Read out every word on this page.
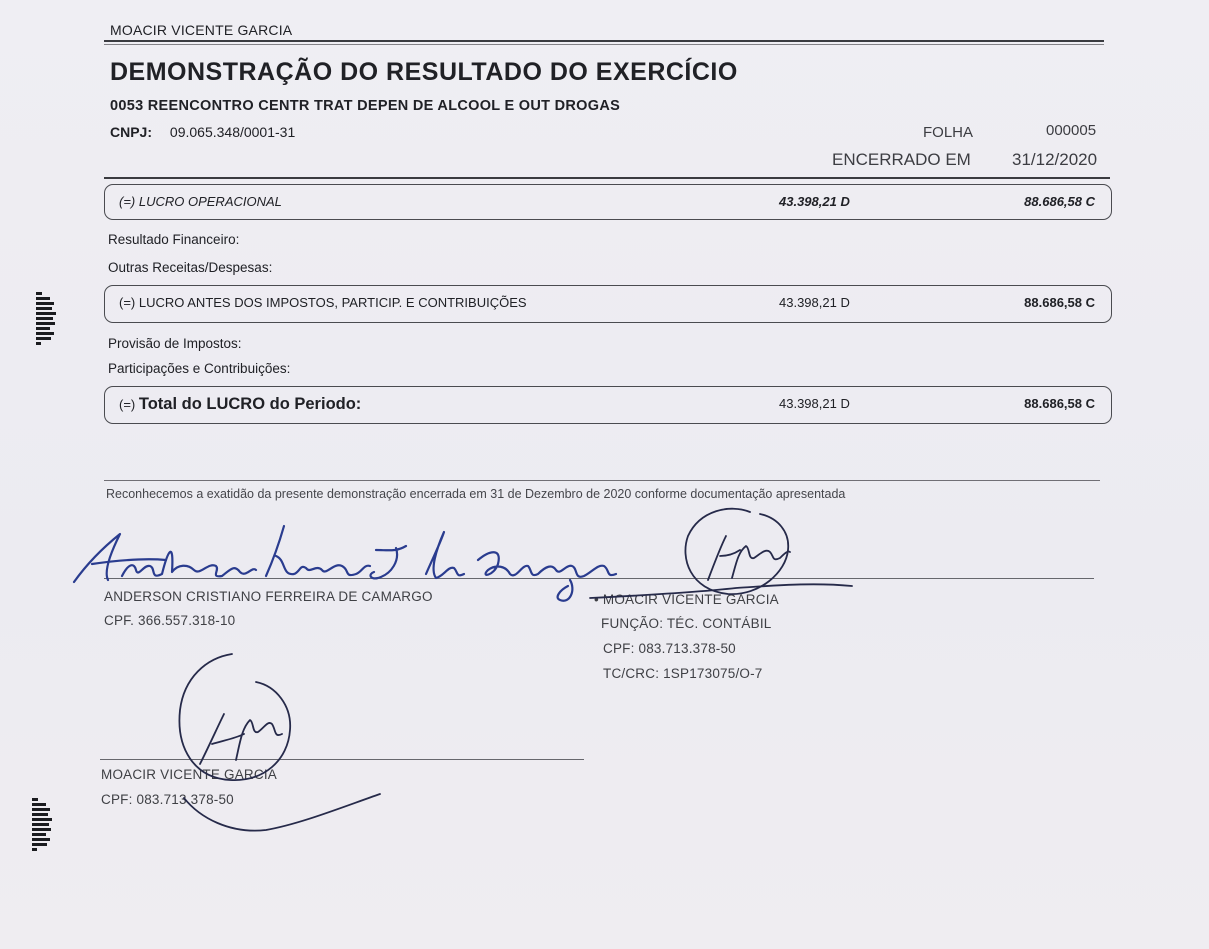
MOACIR VICENTE GARCIA
DEMONSTRAÇÃO DO RESULTADO DO EXERCÍCIO
0053 REENCONTRO CENTR TRAT DEPEN DE ALCOOL E OUT DROGAS
CNPJ: 09.065.348/0001-31	FOLHA	000005
ENCERRADO EM 31/12/2020
(=) LUCRO OPERACIONAL	43.398,21 D	88.686,58 C
Resultado Financeiro:
Outras Receitas/Despesas:
(=) LUCRO ANTES DOS IMPOSTOS, PARTICIP. E CONTRIBUIÇÕES	43.398,21 D	88.686,58 C
Provisão de Impostos:
Participações e Contribuições:
(=) Total do LUCRO do Periodo:	43.398,21 D	88.686,58 C
Reconhecemos a exatidão da presente demonstração encerrada em 31 de Dezembro de 2020 conforme documentação apresentada
ANDERSON CRISTIANO FERREIRA DE CAMARGO
CPF. 366.557.318-10
• MOACIR VICENTE GARCIA
FUNÇÃO: TÉC. CONTÁBIL
CPF: 083.713.378-50
TC/CRC: 1SP173075/O-7
MOACIR VICENTE GARCIA
CPF: 083.713.378-50
